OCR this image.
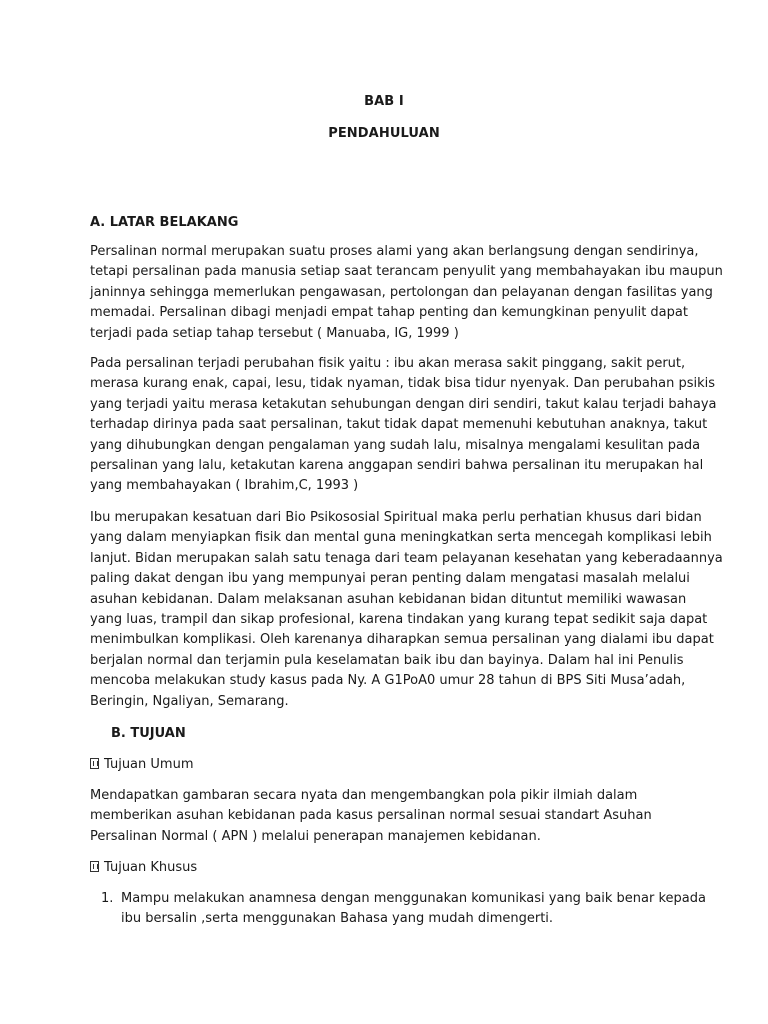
BAB I
PENDAHULUAN
A. LATAR BELAKANG
Persalinan normal merupakan suatu proses alami yang akan berlangsung dengan sendirinya,
tetapi persalinan pada manusia setiap saat terancam penyulit yang membahayakan ibu maupun
janinnya sehingga memerlukan pengawasan, pertolongan dan pelayanan dengan fasilitas yang
memadai. Persalinan dibagi menjadi empat tahap penting dan kemungkinan penyulit dapat
terjadi pada setiap tahap tersebut ( Manuaba, IG, 1999 )
Pada persalinan terjadi perubahan fisik yaitu : ibu akan merasa sakit pinggang, sakit perut,
merasa kurang enak, capai, lesu, tidak nyaman, tidak bisa tidur nyenyak. Dan perubahan psikis
yang terjadi yaitu merasa ketakutan sehubungan dengan diri sendiri, takut kalau terjadi bahaya
terhadap dirinya pada saat persalinan, takut tidak dapat memenuhi kebutuhan anaknya, takut
yang dihubungkan dengan pengalaman yang sudah lalu, misalnya mengalami kesulitan pada
persalinan yang lalu, ketakutan karena anggapan sendiri bahwa persalinan itu merupakan hal
yang membahayakan ( Ibrahim,C, 1993 )
Ibu merupakan kesatuan dari Bio Psikososial Spiritual maka perlu perhatian khusus dari bidan
yang dalam menyiapkan fisik dan mental guna meningkatkan serta mencegah komplikasi lebih
lanjut. Bidan merupakan salah satu tenaga dari team pelayanan kesehatan yang keberadaannya
paling dakat dengan ibu yang mempunyai peran penting dalam mengatasi masalah melalui
asuhan kebidanan. Dalam melaksanan asuhan kebidanan bidan dituntut memiliki wawasan
yang luas, trampil dan sikap profesional, karena tindakan yang kurang tepat sedikit saja dapat
menimbulkan komplikasi. Oleh karenanya diharapkan semua persalinan yang dialami ibu dapat
berjalan normal dan terjamin pula keselamatan baik ibu dan bayinya. Dalam hal ini Penulis
mencoba melakukan study kasus pada Ny. A G1PoA0 umur 28 tahun di BPS Siti Musa’adah,
Beringin, Ngaliyan, Semarang.
B. TUJUAN
Tujuan Umum
Mendapatkan gambaran secara nyata dan mengembangkan pola pikir ilmiah dalam
memberikan asuhan kebidanan pada kasus persalinan normal sesuai standart Asuhan
Persalinan Normal ( APN ) melalui penerapan manajemen kebidanan.
Tujuan Khusus
1. Mampu melakukan anamnesa dengan menggunakan komunikasi yang baik benar kepada
ibu bersalin ,serta menggunakan Bahasa yang mudah dimengerti.
